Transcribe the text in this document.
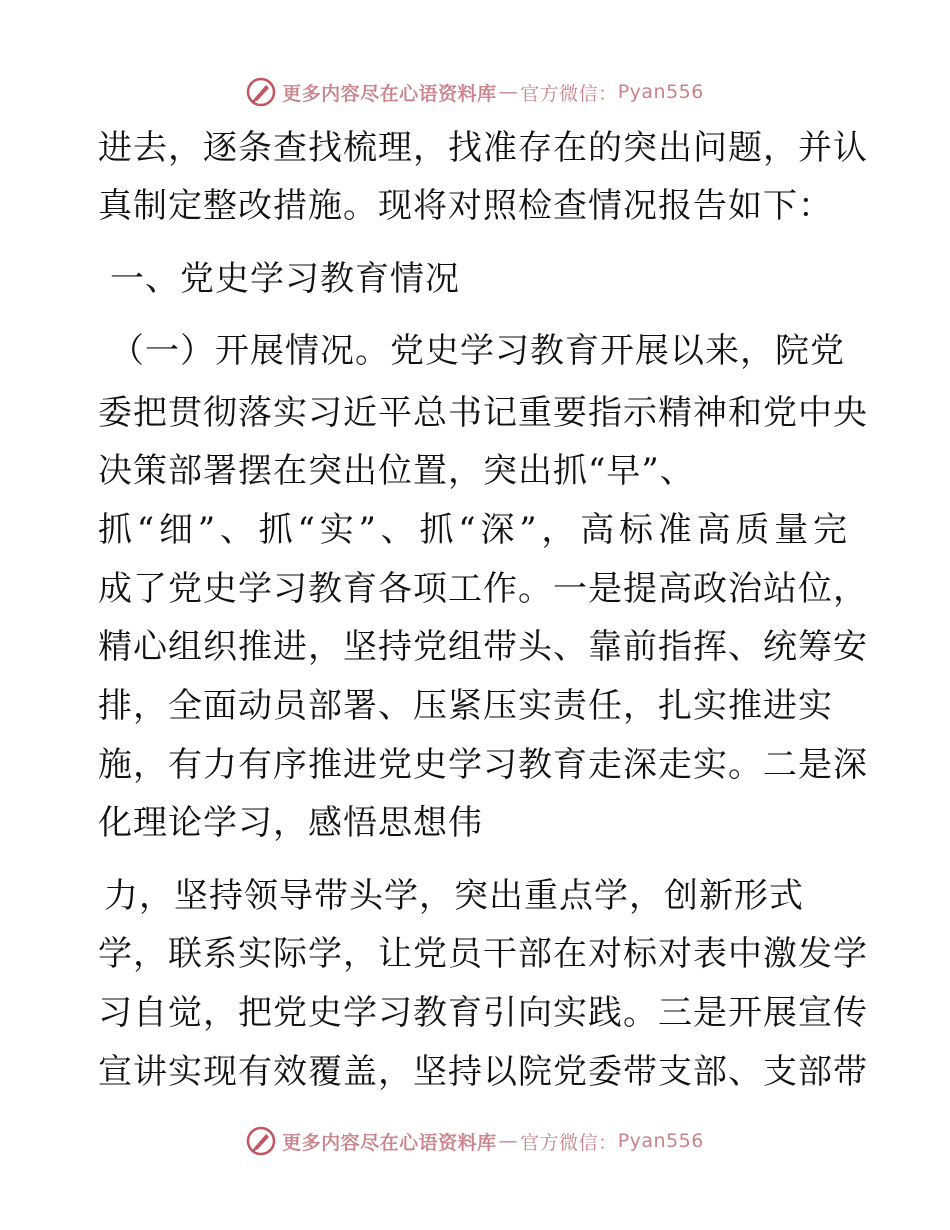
更多内容尽在心语资料库 — 官方微信： Pyan556
进去，逐条查找梳理，找准存在的突出问题，并认
真制定整改措施。现将对照检查情况报告如下：
一、党史学习教育情况
（一）开展情况。党史学习教育开展以来，院党
委把贯彻落实习近平总书记重要指示精神和党中央
决策部署摆在突出位置，突出抓“早”、
抓“细”、抓“实”、抓“深”，高标准高质量完
成了党史学习教育各项工作。一是提高政治站位，
精心组织推进，坚持党组带头、靠前指挥、统筹安
排，全面动员部署、压紧压实责任，扎实推进实
施，有力有序推进党史学习教育走深走实。二是深
化理论学习，感悟思想伟
力，坚持领导带头学，突出重点学，创新形式
学，联系实际学，让党员干部在对标对表中激发学
习自觉，把党史学习教育引向实践。三是开展宣传
宣讲实现有效覆盖，坚持以院党委带支部、支部带
更多内容尽在心语资料库 — 官方微信： Pyan556
